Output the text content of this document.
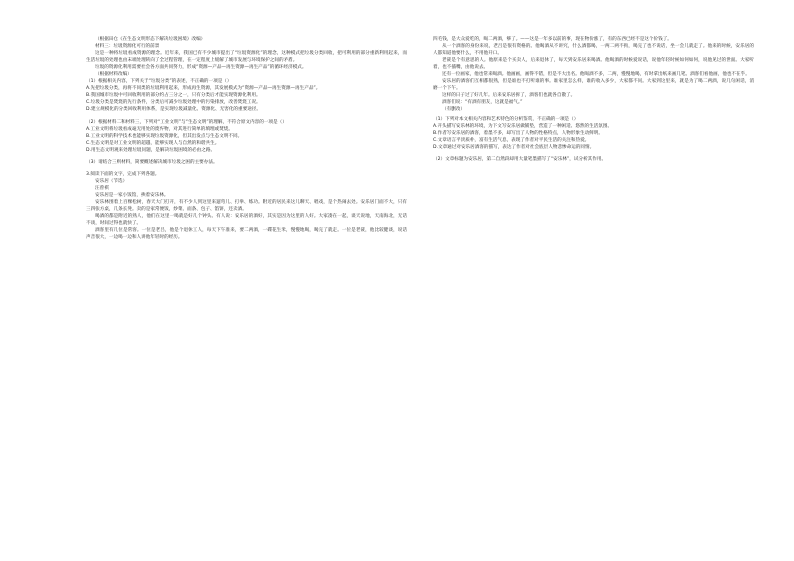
（根据田仓《在生态文明形态下解决垃圾困境》改编）

材料三：垃圾资源化可行的前景

这是一种将垃圾看成资源的理念。近年来，我国已有不少城市提出了“垃圾资源化”的理念，这种模式把垃圾分类回收，把可利用的部分重新利用起来，而生活垃圾的处理也由末端处理转向了全过程管理，在一定程度上缓解了城市发展与环境保护之间的矛盾。

垃圾的资源化利用需要社会各方面共同努力，形成“资源—产品—再生资源—再生产品”的循环经济模式。

（根据材料改编）

（1）根据相关内容，下列关于“垃圾分类”的表述，不正确的一项是（）

A.先把垃圾分类，再将不同类的垃圾利用起来，形成再生资源，其发展模式为“资源—产品—再生资源—再生产品”。

B.我国城市垃圾中可回收利用的部分约占三分之一，只有分类后才能实现资源化利用。

C.垃圾分类是焚烧的先行条件，分类后可减少垃圾处理中的污染排放，改善焚烧工况。

D.建立规模化的分类回收利用体系，是实现垃圾减量化、资源化、无害化的重要途径。

（2）根据材料二和材料三，下列对“工业文明”与“生态文明”的理解，不符合原文内容的一项是（）

A.工业文明将垃圾看成毫无用处的废弃物，对其进行简单的填埋或焚烧。

B.工业文明的科学技术也能够实现垃圾资源化，但其出发点与生态文明不同。

C.生态文明是对工业文明的超越，能够实现人与自然的和谐共生。

D.用生态文明观来处理垃圾问题，是解决垃圾困境的必由之路。

（3）请结合三则材料，简要概述解决城市垃圾之困的主要办法。

3.阅读下面的文字，完成下列各题。

安乐居（节选）

汪曾祺

安乐居是一家小饭馆，挨着安乐林。

安乐林围着上百棵松树，春天大门打开，有不少人到这里来遛弯儿、打拳、练功。附近的居民来这儿聊天、唱戏，是个热闹去处。安乐居门面不大，只有三四张方桌，几条长凳。卖的是家常便饭，炒菜、面条、包子、馅饼，还卖酒。

喝酒的都是附近的熟人，他们在这里一喝就是好几个钟头。有人说：安乐居的酒好，其实是因为这里的人好。大家凑在一起，谈天说地，天南海北，无话不谈，时间过得也就快了。

酒客里有几位是常客。一位是老吕，他是个退休工人，每天下午准来，要二两酒，一碟花生米，慢慢地喝，喝完了就走。一位是老聂，他比较健谈，说话声音很大，一边喝一边和人讲他年轻时的经历。

四毛钱，是大众爱吃的，喝二两酒，够了。——这是一年多以前的事，现在物价涨了，有的东西已经不是这个价钱了。

从一个酒客的身份来说，老吕是很有资格的。他喝酒从不讲究，什么酒都喝，一两二两不拘，喝完了也不说话，坐一会儿就走了。他来的时候，安乐居的人都知道他要什么，不用他开口。

老聂是个有意思的人。他原来是个买卖人，后来退休了，每天到安乐居来喝酒。他喝酒的时候爱说话，说他年轻时候如何如何，说他见过的世面。大家听着，也不插嘴，由他说去。

还有一位画家，他也常来喝酒。他画画，画得不错，但是不大出名。他喝酒不多，二两，慢慢地喝，有时拿出纸来画几笔。酒客们看他画，他也不在乎。

安乐居的酒客们互相都很熟，但是谁也不打听谁的事。谁家里怎么样，谁的收入多少，大家都不问。大家到这里来，就是为了喝二两酒，说几句闲话，消磨一个下午。

这样的日子过了好几年。后来安乐居拆了，酒客们也就各自散了。

酒客们说：“有酒有朋友，这就是福气。”

（有删改）

（1）下列对本文相关内容和艺术特色的分析鉴赏，不正确的一项是（）

A.开头描写安乐林的环境，为下文写安乐居做铺垫，营造了一种闲适、悠然的生活氛围。

B.作者写安乐居的酒客，着墨不多，却写出了人物的性格特点，人物形象生动鲜明。

C.文章语言平淡质朴，富有生活气息，表现了作者对平民生活的关注和热爱。

D.文章通过对安乐居酒客的描写，表达了作者对社会底层人物悲惨命运的同情。

（2）文章标题为安乐居，第二自然段却用大量笔墨描写了“安乐林”，试分析其作用。
